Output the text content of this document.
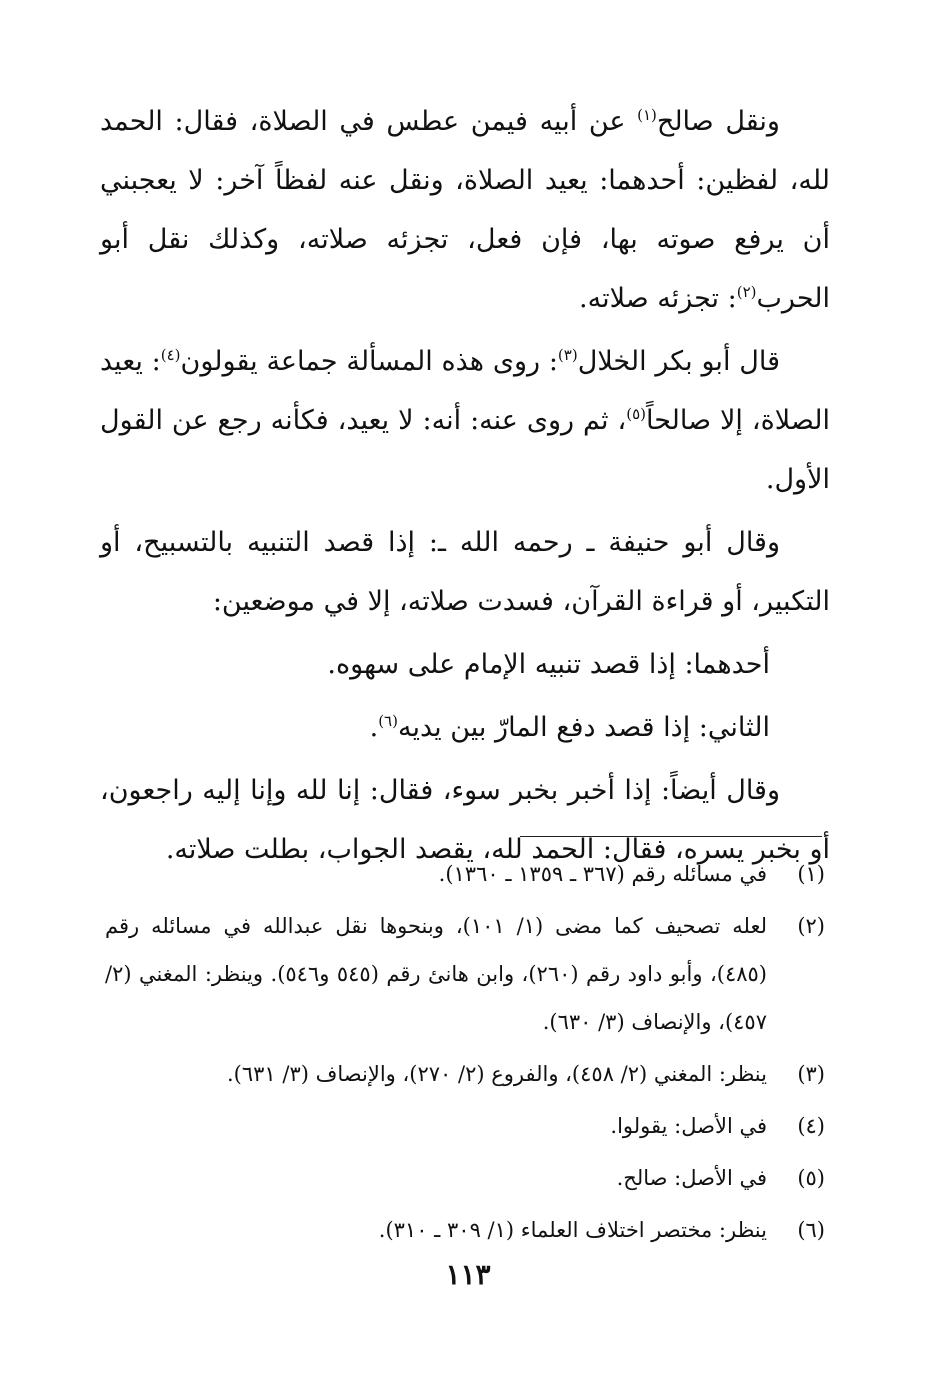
ونقل صالح$^{(١)}$ عن أبيه فيمن عطس في الصلاة، فقال: الحمد لله، لفظين: أحدهما: يعيد الصلاة، ونقل عنه لفظاً آخر: لا يعجبني أن يرفع صوته بها، فإن فعل، تجزئه صلاته، وكذلك نقل أبو الحرب$^{(٢)}$: تجزئه صلاته.

قال أبو بكر الخلال$^{(٣)}$: روى هذه المسألة جماعة يقولون$^{(٤)}$: يعيد الصلاة، إلا صالحاً$^{(٥)}$، ثم روى عنه: أنه: لا يعيد، فكأنه رجع عن القول الأول.

وقال أبو حنيفة ـ رحمه الله ـ: إذا قصد التنبيه بالتسبيح، أو التكبير، أو قراءة القرآن، فسدت صلاته، إلا في موضعين:

أحدهما: إذا قصد تنبيه الإمام على سهوه.

الثاني: إذا قصد دفع المارّ بين يديه$^{(٦)}$.

وقال أيضاً: إذا أخبر بخبر سوء، فقال: إنا لله وإنا إليه راجعون، أو بخبر يسره، فقال: الحمد لله، يقصد الجواب، بطلت صلاته.

(١)
في مسائله رقم (٣٦٧ ـ ١٣٥٩ ـ ١٣٦٠).
(٢)
لعله تصحيف كما مضى (١/ ١٠١)، وبنحوها نقل عبدالله في مسائله رقم (٤٨٥)، وأبو داود رقم (٢٦٠)، وابن هانئ رقم (٥٤٥ و٥٤٦). وينظر: المغني (٢/ ٤٥٧)، والإنصاف (٣/ ٦٣٠).
(٣)
ينظر: المغني (٢/ ٤٥٨)، والفروع (٢/ ٢٧٠)، والإنصاف (٣/ ٦٣١).
(٤)
في الأصل: يقولوا.
(٥)
في الأصل: صالح.
(٦)
ينظر: مختصر اختلاف العلماء (١/ ٣٠٩ ـ ٣١٠).
١١٣
